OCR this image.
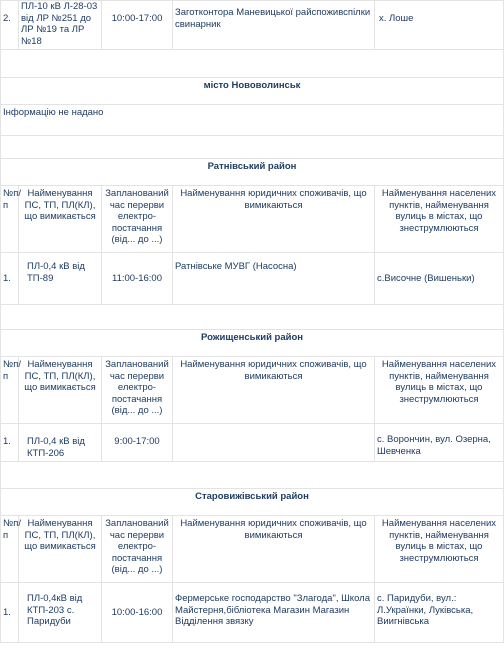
2.	ПЛ-10 кВ Л-28-03 від ЛР №251 до ЛР №19 та ЛР №18	10:00-17:00	Заготконтора Маневицької райспоживспілки свинарник	х. Лоше

місто Нововолинськ				
Інформацію не надано				

Ратнівський район				
№п/п	Найменування ПС, ТП, ПЛ(КЛ), що вимикається	Запланований час перерви електро-постачання (від... до ...)	Найменування юридичних споживачів, що вимикаються	Найменування населених пунктів, найменування вулиць в містах, що знеструмлюються
1.	ПЛ-0,4 кВ від ТП-89	11:00-16:00	Ратнівське МУВГ (Насосна)	с.Височне (Вишеньки)

Рожищенський район				
№п/п	Найменування ПС, ТП, ПЛ(КЛ), що вимикається	Запланований час перерви електро-постачання (від... до ...)	Найменування юридичних споживачів, що вимикаються	Найменування населених пунктів, найменування вулиць в містах, що знеструмлюються
1.	ПЛ-0,4 кВ від КТП-206	9:00-17:00		с. Ворончин, вул. Озерна, Шевченка

Старовижівський район				
№п/п	Найменування ПС, ТП, ПЛ(КЛ), що вимикається	Запланований час перерви електро-постачання (від... до ...)	Найменування юридичних споживачів, що вимикаються	Найменування населених пунктів, найменування вулиць в містах, що знеструмлюються
1.	ПЛ-0,4кВ від КТП-203 с. Паридуби	10:00-16:00	Фермерське господарство "Злагода", Школа Майстерня,бібліотека Магазин Магазин Відділення звязку	с. Паридуби, вул.: Л.Українки, Луківська, Виигнівська
